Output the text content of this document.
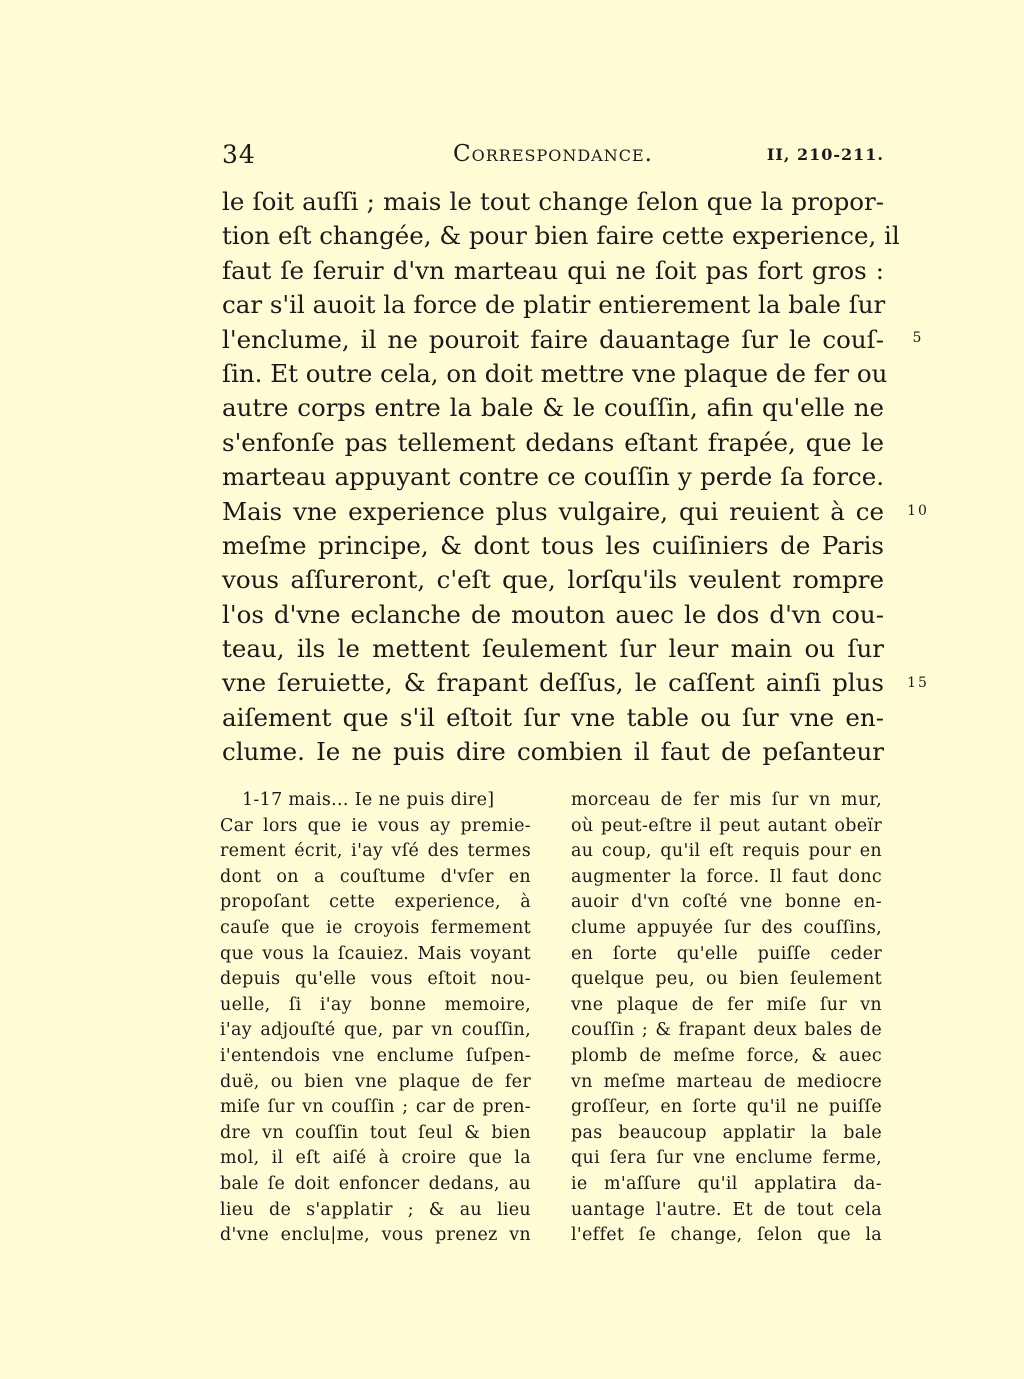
34	Correspondance.	II, 210-211.
le ſoit auſſi ; mais le tout change ſelon que la propor-
tion eſt changée, & pour bien faire cette experience, il
faut ſe ſeruir d'vn marteau qui ne ſoit pas fort gros :
car s'il auoit la force de platir entierement la bale ſur
l'enclume, il ne pouroit faire dauantage ſur le couſ-
ſin. Et outre cela, on doit mettre vne plaque de fer ou
autre corps entre la bale & le couſſin, afin qu'elle ne
s'enfonſe pas tellement dedans eſtant frapée, que le
marteau appuyant contre ce couſſin y perde ſa force.
Mais vne experience plus vulgaire, qui reuient à ce
meſme principe, & dont tous les cuiſiniers de Paris
vous aſſureront, c'eſt que, lorſqu'ils veulent rompre
l'os d'vne eclanche de mouton auec le dos d'vn cou-
teau, ils le mettent ſeulement ſur leur main ou ſur
vne ſeruiette, & frapant deſſus, le caſſent ainſi plus
aiſement que s'il eſtoit ſur vne table ou ſur vne en-
clume. Ie ne puis dire combien il faut de peſanteur
5
10
15
1-17 mais... Ie ne puis dire]
Car lors que ie vous ay premie-
rement écrit, i'ay vſé des termes
dont on a couſtume d'vſer en
propoſant cette experience, à
cauſe que ie croyois fermement
que vous la ſcauiez. Mais voyant
depuis qu'elle vous eſtoit nou-
uelle, ſi i'ay bonne memoire,
i'ay adjouſté que, par vn couſſin,
i'entendois vne enclume ſuſpen-
duë, ou bien vne plaque de fer
miſe ſur vn couſſin ; car de pren-
dre vn couſſin tout ſeul & bien
mol, il eſt aiſé à croire que la
bale ſe doit enfoncer dedans, au
lieu de s'applatir ; & au lieu
d'vne enclu|me, vous prenez vn
morceau de fer mis ſur vn mur,
où peut-eſtre il peut autant obeïr
au coup, qu'il eſt requis pour en
augmenter la force. Il faut donc
auoir d'vn coſté vne bonne en-
clume appuyée ſur des couſſins,
en ſorte qu'elle puiſſe ceder
quelque peu, ou bien ſeulement
vne plaque de fer miſe ſur vn
couſſin ; & frapant deux bales de
plomb de meſme force, & auec
vn meſme marteau de mediocre
groſſeur, en ſorte qu'il ne puiſſe
pas beaucoup applatir la bale
qui ſera ſur vne enclume ferme,
ie m'aſſure qu'il applatira da-
uantage l'autre. Et de tout cela
l'effet ſe change, ſelon que la
